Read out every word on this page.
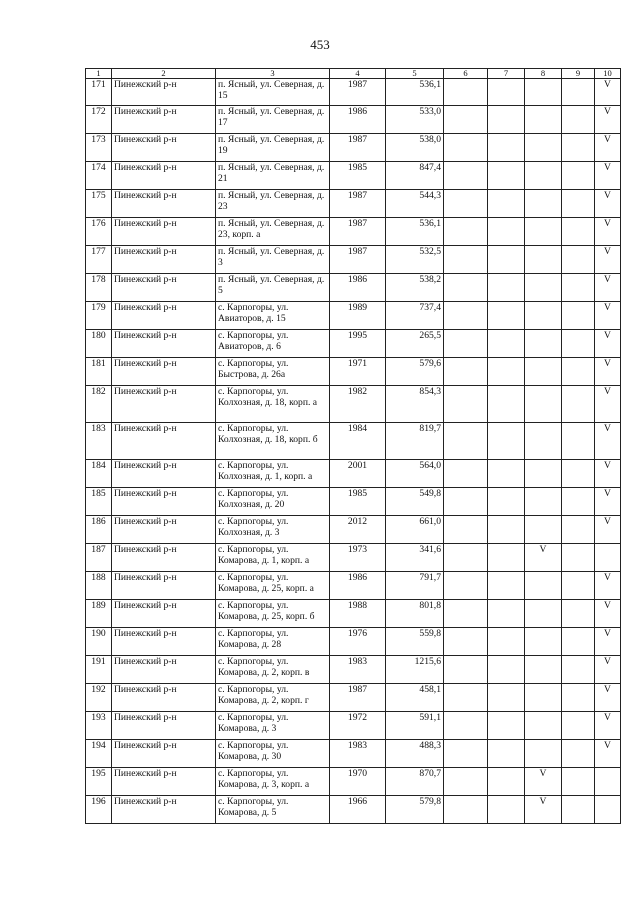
453
1	2	3	4	5	6	7	8	9	10
171	Пинежский р-н	п. Ясный, ул. Северная, д. 15	1987	536,1					V
172	Пинежский р-н	п. Ясный, ул. Северная, д. 17	1986	533,0					V
173	Пинежский р-н	п. Ясный, ул. Северная, д. 19	1987	538,0					V
174	Пинежский р-н	п. Ясный, ул. Северная, д. 21	1985	847,4					V
175	Пинежский р-н	п. Ясный, ул. Северная, д. 23	1987	544,3					V
176	Пинежский р-н	п. Ясный, ул. Северная, д. 23, корп. а	1987	536,1					V
177	Пинежский р-н	п. Ясный, ул. Северная, д. 3	1987	532,5					V
178	Пинежский р-н	п. Ясный, ул. Северная, д. 5	1986	538,2					V
179	Пинежский р-н	с. Карпогоры, ул. Авиаторов, д. 15	1989	737,4					V
180	Пинежский р-н	с. Карпогоры, ул. Авиаторов, д. 6	1995	265,5					V
181	Пинежский р-н	с. Карпогоры, ул. Быстрова, д. 26а	1971	579,6					V
182	Пинежский р-н	с. Карпогоры, ул. Колхозная, д. 18, корп. а	1982	854,3					V
183	Пинежский р-н	с. Карпогоры, ул. Колхозная, д. 18, корп. б	1984	819,7					V
184	Пинежский р-н	с. Карпогоры, ул. Колхозная, д. 1, корп. а	2001	564,0					V
185	Пинежский р-н	с. Карпогоры, ул. Колхозная, д. 20	1985	549,8					V
186	Пинежский р-н	с. Карпогоры, ул. Колхозная, д. 3	2012	661,0					V
187	Пинежский р-н	с. Карпогоры, ул. Комарова, д. 1, корп. а	1973	341,6			V		
188	Пинежский р-н	с. Карпогоры, ул. Комарова, д. 25, корп. а	1986	791,7					V
189	Пинежский р-н	с. Карпогоры, ул. Комарова, д. 25, корп. б	1988	801,8					V
190	Пинежский р-н	с. Карпогоры, ул. Комарова, д. 28	1976	559,8					V
191	Пинежский р-н	с. Карпогоры, ул. Комарова, д. 2, корп. в	1983	1215,6					V
192	Пинежский р-н	с. Карпогоры, ул. Комарова, д. 2, корп. г	1987	458,1					V
193	Пинежский р-н	с. Карпогоры, ул. Комарова, д. 3	1972	591,1					V
194	Пинежский р-н	с. Карпогоры, ул. Комарова, д. 30	1983	488,3					V
195	Пинежский р-н	с. Карпогоры, ул. Комарова, д. 3, корп. а	1970	870,7			V		
196	Пинежский р-н	с. Карпогоры, ул. Комарова, д. 5	1966	579,8			V		
